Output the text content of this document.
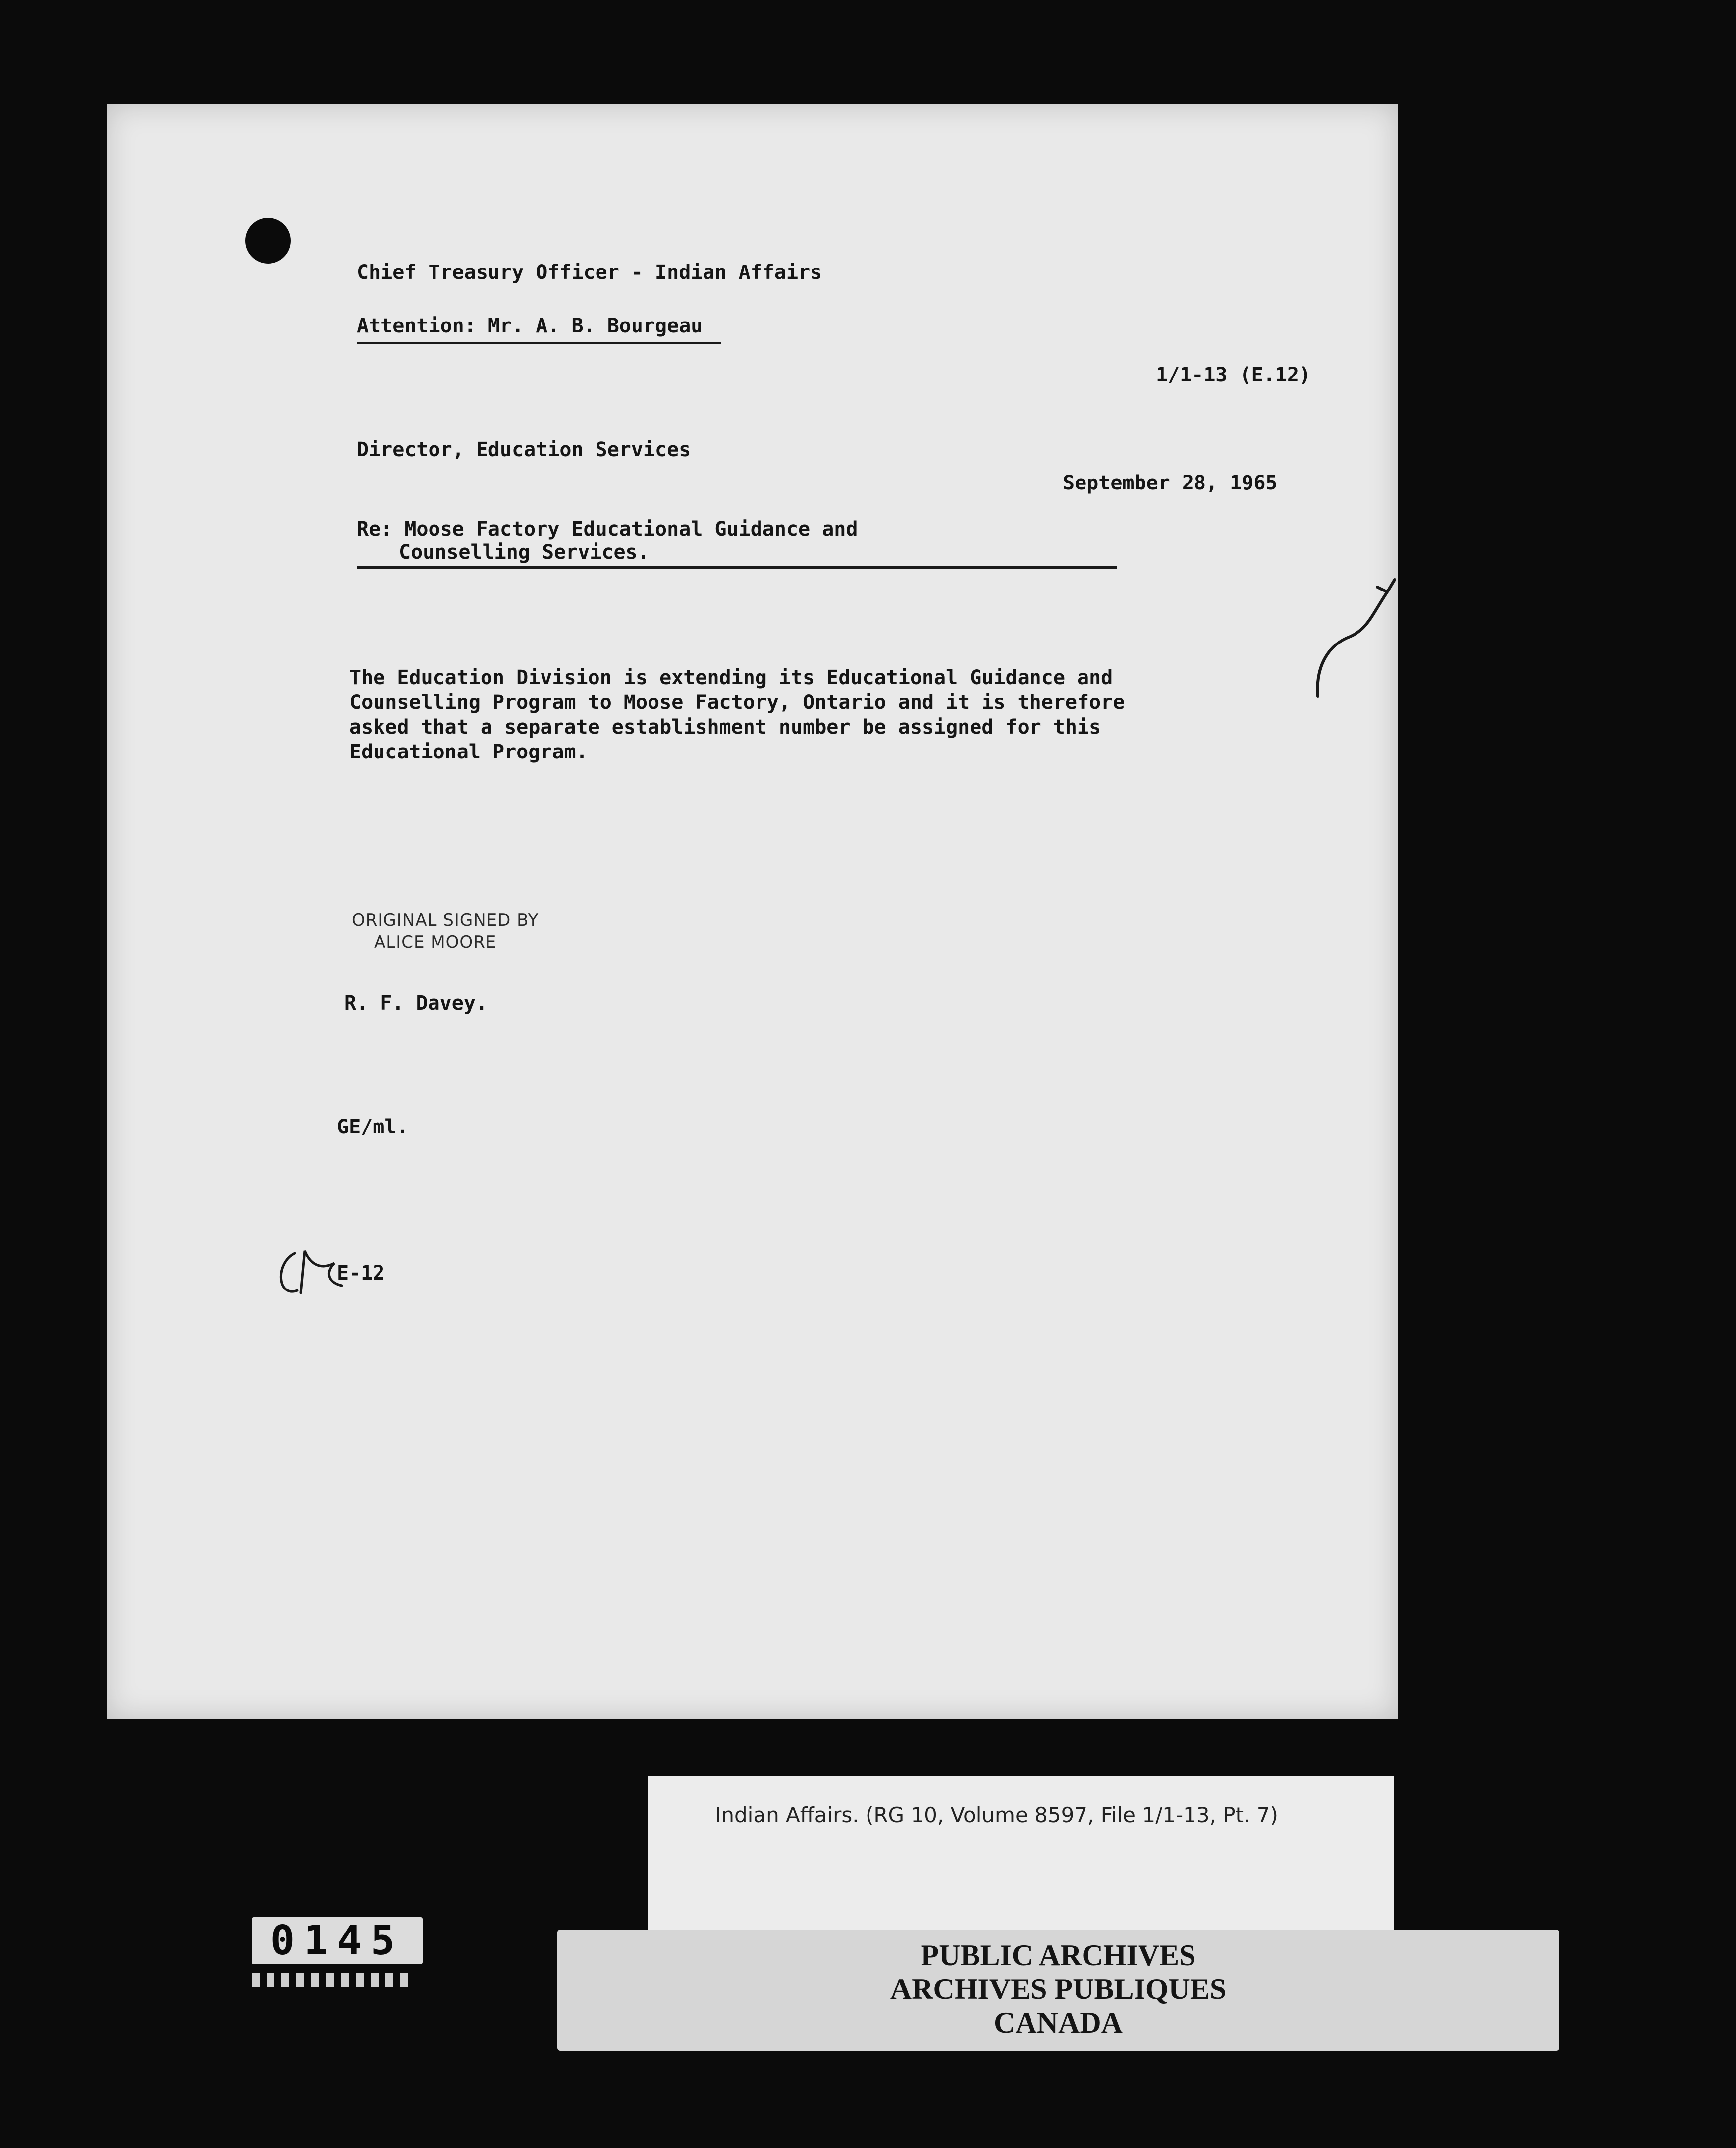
Chief Treasury Officer - Indian Affairs
Attention: Mr. A. B. Bourgeau
1/1-13 (E.12)
Director, Education Services
September 28, 1965
Re: Moose Factory Educational Guidance and
Counselling Services.
The Education Division is extending its Educational Guidance and
Counselling Program to Moose Factory, Ontario and it is therefore
asked that a separate establishment number be assigned for this
Educational Program.
ORIGINAL SIGNED BY
ALICE MOORE
R. F. Davey.
GE/ml.
E-12
Indian Affairs. (RG 10, Volume 8597, File 1/1-13, Pt. 7)
PUBLIC ARCHIVES
ARCHIVES PUBLIQUES
CANADA
0145
